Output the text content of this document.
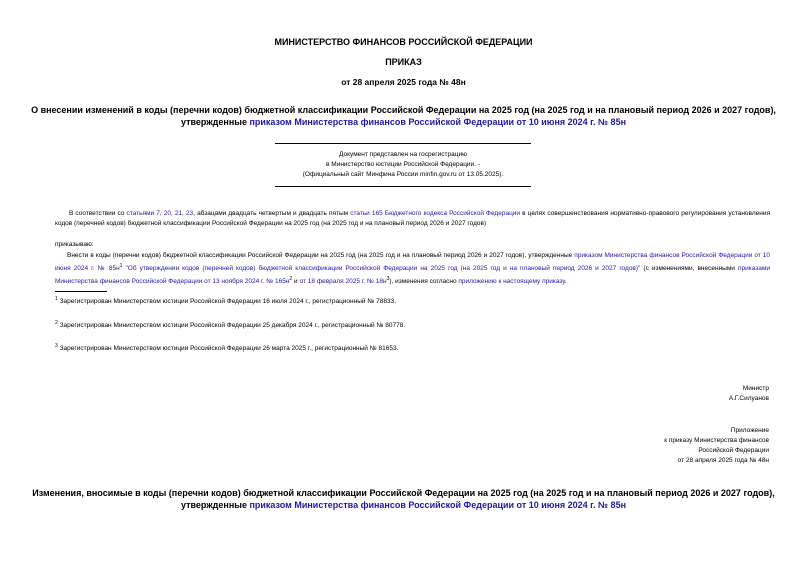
МИНИСТЕРСТВО ФИНАНСОВ РОССИЙСКОЙ ФЕДЕРАЦИИ
ПРИКАЗ
от 28 апреля 2025 года № 48н
О внесении изменений в коды (перечни кодов) бюджетной классификации Российской Федерации на 2025 год (на 2025 год и на плановый период 2026 и 2027 годов), утвержденные приказом Министерства финансов Российской Федерации от 10 июня 2024 г. № 85н
Документ представлен на госрегистрацию
в Министерство юстиции Российской Федерации. -
(Официальный сайт Минфина России minfin.gov.ru от 13.05.2025).
В соответствии со статьями 7, 20, 21, 23, абзацами двадцать четвертым и двадцать пятым статьи 165 Бюджетного кодекса Российской Федерации в целях совершенствования нормативно-правового регулирования установления кодов (перечней кодов) бюджетной классификации Российской Федерации на 2025 год (на 2025 год и на плановый период 2026 и 2027 годов)
приказываю:
Внести в коды (перечни кодов) бюджетной классификации Российской Федерации на 2025 год (на 2025 год и на плановый период 2026 и 2027 годов), утвержденные приказом Министерства финансов Российской Федерации от 10 июня 2024 г. № $85н^1$ "Об утверждении кодов (перечней кодов) бюджетной классификации Российской Федерации на 2025 год (на 2025 год и на плановый период 2026 и 2027 годов)" (с изменениями, внесенными приказами Министерства финансов Российской Федерации от 13 ноября 2024 г. № $165н^2$ и от 18 февраля 2025 г. № $18н^3$), изменения согласно приложению к настоящему приказу.
$^1$ Зарегистрирован Министерством юстиции Российской Федерации 16 июля 2024 г., регистрационный № 78833.
$^2$ Зарегистрирован Министерством юстиции Российской Федерации 25 декабря 2024 г., регистрационный № 80778.
$^3$ Зарегистрирован Министерством юстиции Российской Федерации 26 марта 2025 г., регистрационный № 81653.
Министр
А.Г.Силуанов
Приложение
к приказу Министерства финансов
Российской Федерации
от 28 апреля 2025 года № 48н
Изменения, вносимые в коды (перечни кодов) бюджетной классификации Российской Федерации на 2025 год (на 2025 год и на плановый период 2026 и 2027 годов), утвержденные приказом Министерства финансов Российской Федерации от 10 июня 2024 г. № 85н
